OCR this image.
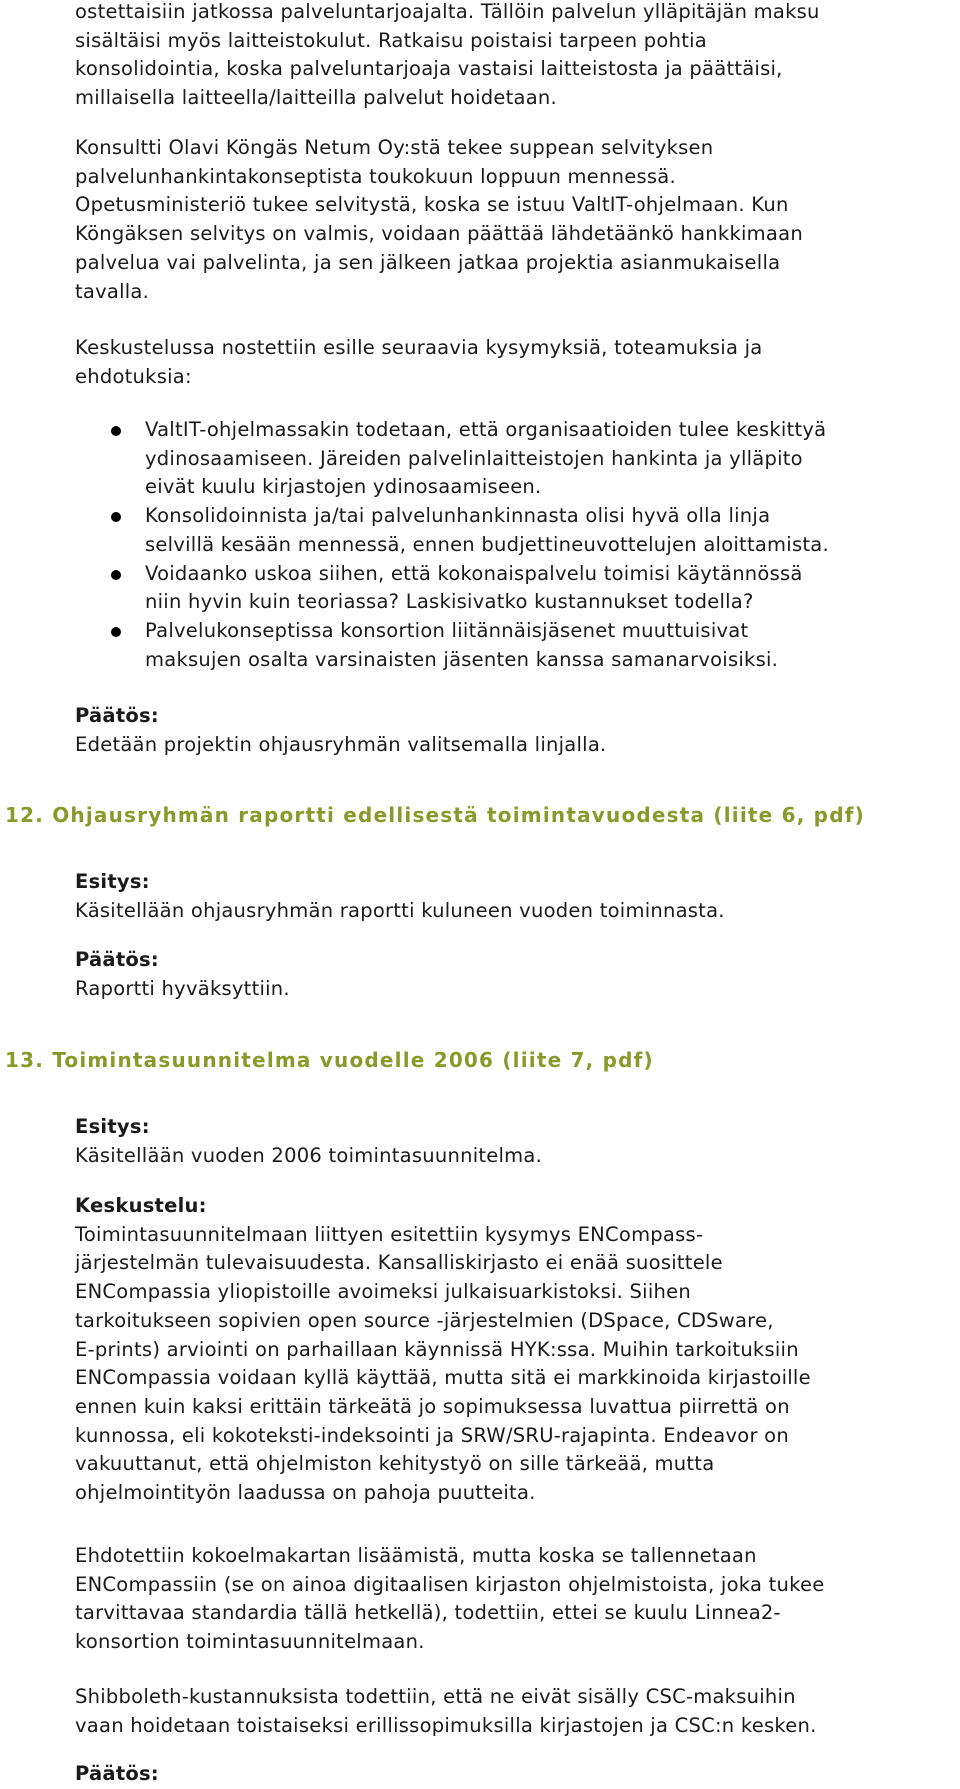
ostettaisiin jatkossa palveluntarjoajalta. Tällöin palvelun ylläpitäjän maksu
sisältäisi myös laitteistokulut. Ratkaisu poistaisi tarpeen pohtia
konsolidointia, koska palveluntarjoaja vastaisi laitteistosta ja päättäisi,
millaisella laitteella/laitteilla palvelut hoidetaan.

Konsultti Olavi Köngäs Netum Oy:stä tekee suppean selvityksen
palvelunhankintakonseptista toukokuun loppuun mennessä.
Opetusministeriö tukee selvitystä, koska se istuu ValtIT-ohjelmaan. Kun
Köngäksen selvitys on valmis, voidaan päättää lähdetäänkö hankkimaan
palvelua vai palvelinta, ja sen jälkeen jatkaa projektia asianmukaisella
tavalla.

Keskustelussa nostettiin esille seuraavia kysymyksiä, toteamuksia ja
ehdotuksia:

ValtIT-ohjelmassakin todetaan, että organisaatioiden tulee keskittyä
ydinosaamiseen. Järeiden palvelinlaitteistojen hankinta ja ylläpito
eivät kuulu kirjastojen ydinosaamiseen.
Konsolidoinnista ja/tai palvelunhankinnasta olisi hyvä olla linja
selvillä kesään mennessä, ennen budjettineuvottelujen aloittamista.
Voidaanko uskoa siihen, että kokonaispalvelu toimisi käytännössä
niin hyvin kuin teoriassa? Laskisivatko kustannukset todella?
Palvelukonseptissa konsortion liitännäisjäsenet muuttuisivat
maksujen osalta varsinaisten jäsenten kanssa samanarvoisiksi.
Päätös:
Edetään projektin ohjausryhmän valitsemalla linjalla.

12. Ohjausryhmän raportti edellisestä toimintavuodesta (liite 6, pdf)

Esitys:
Käsitellään ohjausryhmän raportti kuluneen vuoden toiminnasta.
Päätös:
Raportti hyväksyttiin.

13. Toimintasuunnitelma vuodelle 2006 (liite 7, pdf)

Esitys:
Käsitellään vuoden 2006 toimintasuunnitelma.
Keskustelu:

Toimintasuunnitelmaan liittyen esitettiin kysymys ENCompass-
järjestelmän tulevaisuudesta. Kansalliskirjasto ei enää suosittele
ENCompassia yliopistoille avoimeksi julkaisuarkistoksi. Siihen
tarkoitukseen sopivien open source -järjestelmien (DSpace, CDSware,
E-prints) arviointi on parhaillaan käynnissä HYK:ssa. Muihin tarkoituksiin
ENCompassia voidaan kyllä käyttää, mutta sitä ei markkinoida kirjastoille
ennen kuin kaksi erittäin tärkeätä jo sopimuksessa luvattua piirrettä on
kunnossa, eli kokoteksti-indeksointi ja SRW/SRU-rajapinta. Endeavor on
vakuuttanut, että ohjelmiston kehitystyö on sille tärkeää, mutta
ohjelmointityön laadussa on pahoja puutteita.

Ehdotettiin kokoelmakartan lisäämistä, mutta koska se tallennetaan
ENCompassiin (se on ainoa digitaalisen kirjaston ohjelmistoista, joka tukee
tarvittavaa standardia tällä hetkellä), todettiin, ettei se kuulu Linnea2-
konsortion toimintasuunnitelmaan.

Shibboleth-kustannuksista todettiin, että ne eivät sisälly CSC-maksuihin
vaan hoidetaan toistaiseksi erillissopimuksilla kirjastojen ja CSC:n kesken.

Päätös:
